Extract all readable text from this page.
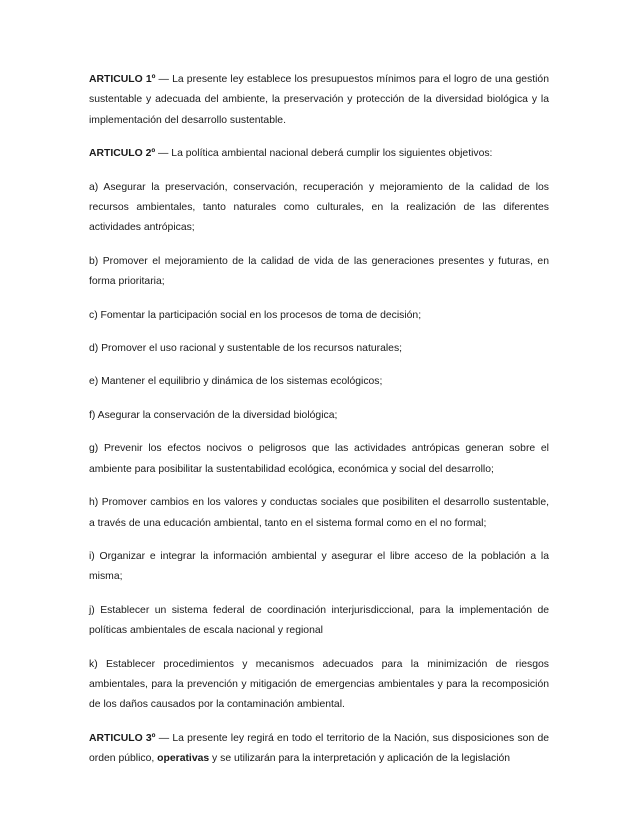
ARTICULO 1º — La presente ley establece los presupuestos mínimos para el logro de una gestión sustentable y adecuada del ambiente, la preservación y protección de la diversidad biológica y la implementación del desarrollo sustentable.

ARTICULO 2º — La política ambiental nacional deberá cumplir los siguientes objetivos:

a) Asegurar la preservación, conservación, recuperación y mejoramiento de la calidad de los recursos ambientales, tanto naturales como culturales, en la realización de las diferentes actividades antrópicas;

b) Promover el mejoramiento de la calidad de vida de las generaciones presentes y futuras, en forma prioritaria;

c) Fomentar la participación social en los procesos de toma de decisión;

d) Promover el uso racional y sustentable de los recursos naturales;

e) Mantener el equilibrio y dinámica de los sistemas ecológicos;

f) Asegurar la conservación de la diversidad biológica;

g) Prevenir los efectos nocivos o peligrosos que las actividades antrópicas generan sobre el ambiente para posibilitar la sustentabilidad ecológica, económica y social del desarrollo;

h) Promover cambios en los valores y conductas sociales que posibiliten el desarrollo sustentable, a través de una educación ambiental, tanto en el sistema formal como en el no formal;

i) Organizar e integrar la información ambiental y asegurar el libre acceso de la población a la misma;

j) Establecer un sistema federal de coordinación interjurisdiccional, para la implementación de políticas ambientales de escala nacional y regional

k) Establecer procedimientos y mecanismos adecuados para la minimización de riesgos ambientales, para la prevención y mitigación de emergencias ambientales y para la recomposición de los daños causados por la contaminación ambiental.

ARTICULO 3º — La presente ley regirá en todo el territorio de la Nación, sus disposiciones son de orden público, operativas y se utilizarán para la interpretación y aplicación de la legislación
